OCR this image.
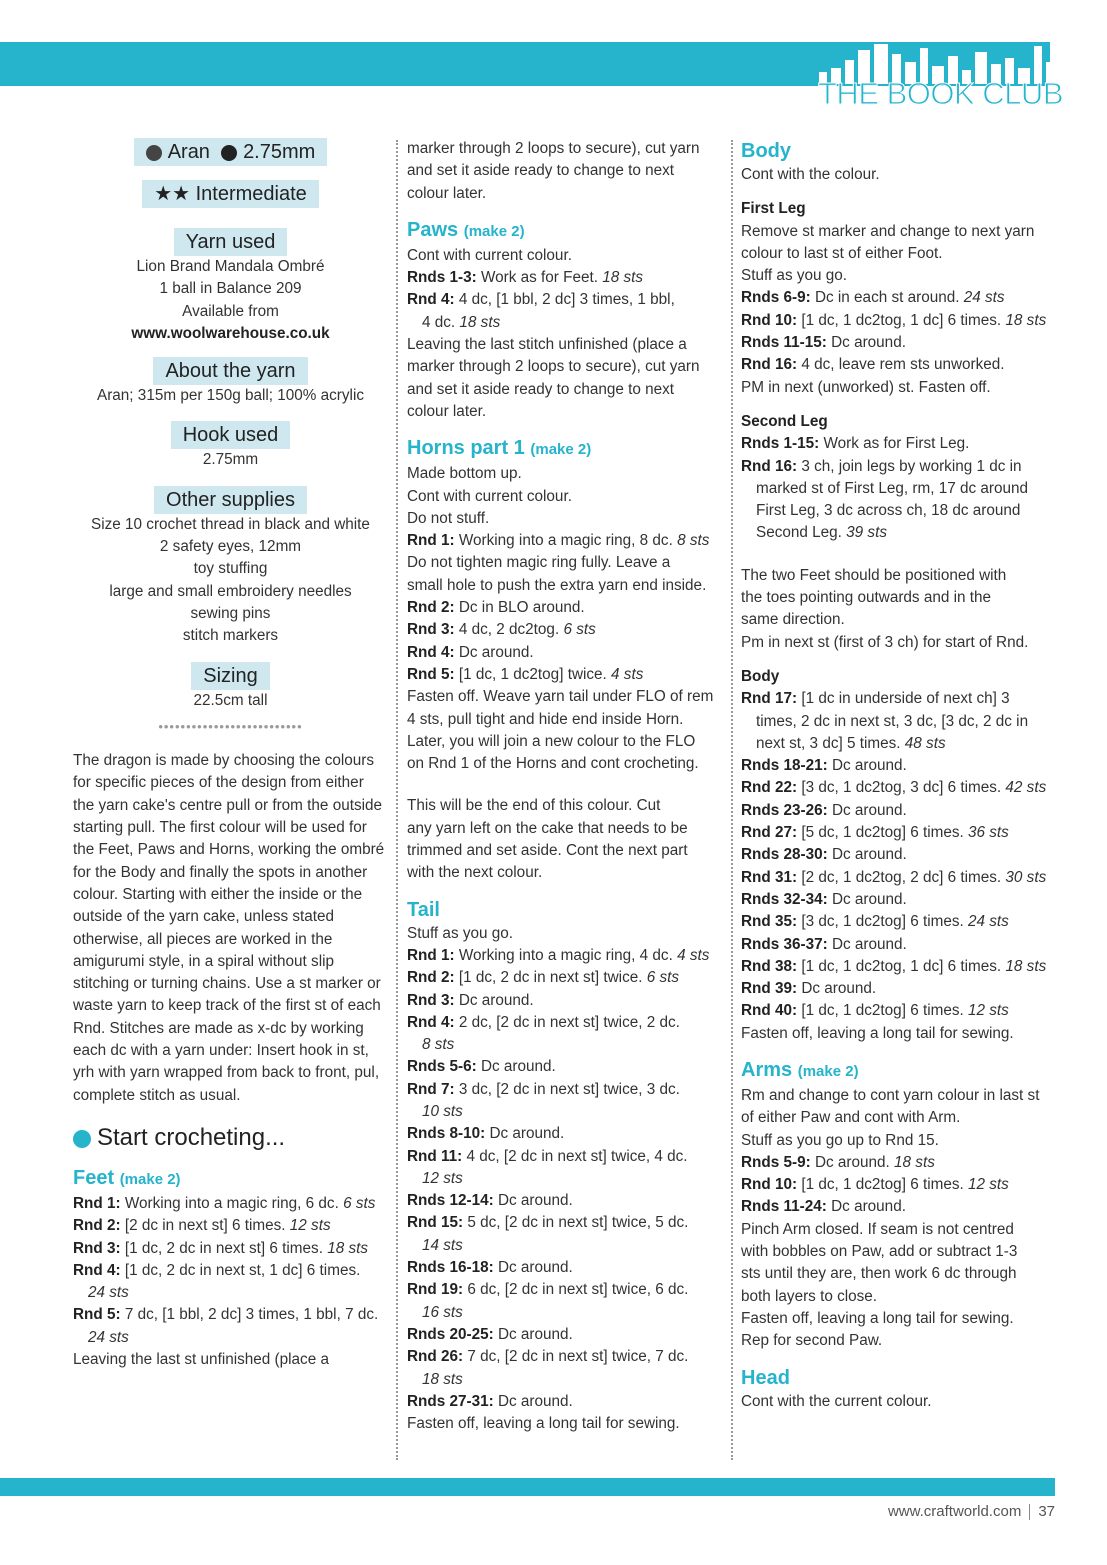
THE BOOK CLUB
Aran 2.75mm
★★ Intermediate
Yarn used

Lion Brand Mandala Ombré

1 ball in Balance 209

Available from

www.woolwarehouse.co.uk

About the yarn

Aran; 315m per 150g ball; 100% acrylic

Hook used

2.75mm

Other supplies

Size 10 crochet thread in black and white

2 safety eyes, 12mm

toy stuffing

large and small embroidery needles

sewing pins

stitch markers

Sizing

22.5cm tall

••••••••••••••••••••••••••

The dragon is made by choosing the colours for specific pieces of the design from either the yarn cake's centre pull or from the outside starting pull. The first colour will be used for the Feet, Paws and Horns, working the ombré for the Body and finally the spots in another colour. Starting with either the inside or the outside of the yarn cake, unless stated otherwise, all pieces are worked in the amigurumi style, in a spiral without slip stitching or turning chains. Use a st marker or waste yarn to keep track of the first st of each Rnd. Stitches are made as x-dc by working each dc with a yarn under: Insert hook in st, yrh with yarn wrapped from back to front, pul, complete stitch as usual.

Start crocheting...
Feet (make 2)

Rnd 1: Working into a magic ring, 6 dc. 6 sts

Rnd 2: [2 dc in next st] 6 times. 12 sts

Rnd 3: [1 dc, 2 dc in next st] 6 times. 18 sts

Rnd 4: [1 dc, 2 dc in next st, 1 dc] 6 times.

24 sts

Rnd 5: 7 dc, [1 bbl, 2 dc] 3 times, 1 bbl, 7 dc.

24 sts

Leaving the last st unfinished (place a

marker through 2 loops to secure), cut yarn

and set it aside ready to change to next

colour later.

Paws (make 2)

Cont with current colour.

Rnds 1-3: Work as for Feet. 18 sts

Rnd 4: 4 dc, [1 bbl, 2 dc] 3 times, 1 bbl,

4 dc. 18 sts

Leaving the last stitch unfinished (place a

marker through 2 loops to secure), cut yarn

and set it aside ready to change to next

colour later.

Horns part 1 (make 2)

Made bottom up.

Cont with current colour.

Do not stuff.

Rnd 1: Working into a magic ring, 8 dc. 8 sts

Do not tighten magic ring fully. Leave a

small hole to push the extra yarn end inside.

Rnd 2: Dc in BLO around.

Rnd 3: 4 dc, 2 dc2tog. 6 sts

Rnd 4: Dc around.

Rnd 5: [1 dc, 1 dc2tog] twice. 4 sts

Fasten off. Weave yarn tail under FLO of rem

4 sts, pull tight and hide end inside Horn.

Later, you will join a new colour to the FLO

on Rnd 1 of the Horns and cont crocheting.

This will be the end of this colour. Cut

any yarn left on the cake that needs to be

trimmed and set aside. Cont the next part

with the next colour.

Tail

Stuff as you go.

Rnd 1: Working into a magic ring, 4 dc. 4 sts

Rnd 2: [1 dc, 2 dc in next st] twice. 6 sts

Rnd 3: Dc around.

Rnd 4: 2 dc, [2 dc in next st] twice, 2 dc.

8 sts

Rnds 5-6: Dc around.

Rnd 7: 3 dc, [2 dc in next st] twice, 3 dc.

10 sts

Rnds 8-10: Dc around.

Rnd 11: 4 dc, [2 dc in next st] twice, 4 dc.

12 sts

Rnds 12-14: Dc around.

Rnd 15: 5 dc, [2 dc in next st] twice, 5 dc.

14 sts

Rnds 16-18: Dc around.

Rnd 19: 6 dc, [2 dc in next st] twice, 6 dc.

16 sts

Rnds 20-25: Dc around.

Rnd 26: 7 dc, [2 dc in next st] twice, 7 dc.

18 sts

Rnds 27-31: Dc around.

Fasten off, leaving a long tail for sewing.

Body

Cont with the colour.

First Leg

Remove st marker and change to next yarn

colour to last st of either Foot.

Stuff as you go.

Rnds 6-9: Dc in each st around. 24 sts

Rnd 10: [1 dc, 1 dc2tog, 1 dc] 6 times. 18 sts

Rnds 11-15: Dc around.

Rnd 16: 4 dc, leave rem sts unworked.

PM in next (unworked) st. Fasten off.

Second Leg

Rnds 1-15: Work as for First Leg.

Rnd 16: 3 ch, join legs by working 1 dc in

marked st of First Leg, rm, 17 dc around

First Leg, 3 dc across ch, 18 dc around

Second Leg. 39 sts

The two Feet should be positioned with

the toes pointing outwards and in the

same direction.

Pm in next st (first of 3 ch) for start of Rnd.

Body

Rnd 17: [1 dc in underside of next ch] 3

times, 2 dc in next st, 3 dc, [3 dc, 2 dc in

next st, 3 dc] 5 times. 48 sts

Rnds 18-21: Dc around.

Rnd 22: [3 dc, 1 dc2tog, 3 dc] 6 times. 42 sts

Rnds 23-26: Dc around.

Rnd 27: [5 dc, 1 dc2tog] 6 times. 36 sts

Rnds 28-30: Dc around.

Rnd 31: [2 dc, 1 dc2tog, 2 dc] 6 times. 30 sts

Rnds 32-34: Dc around.

Rnd 35: [3 dc, 1 dc2tog] 6 times. 24 sts

Rnds 36-37: Dc around.

Rnd 38: [1 dc, 1 dc2tog, 1 dc] 6 times. 18 sts

Rnd 39: Dc around.

Rnd 40: [1 dc, 1 dc2tog] 6 times. 12 sts

Fasten off, leaving a long tail for sewing.

Arms (make 2)

Rm and change to cont yarn colour in last st

of either Paw and cont with Arm.

Stuff as you go up to Rnd 15.

Rnds 5-9: Dc around. 18 sts

Rnd 10: [1 dc, 1 dc2tog] 6 times. 12 sts

Rnds 11-24: Dc around.

Pinch Arm closed. If seam is not centred

with bobbles on Paw, add or subtract 1-3

sts until they are, then work 6 dc through

both layers to close.

Fasten off, leaving a long tail for sewing.

Rep for second Paw.

Head

Cont with the current colour.

www.craftworld.com 37
